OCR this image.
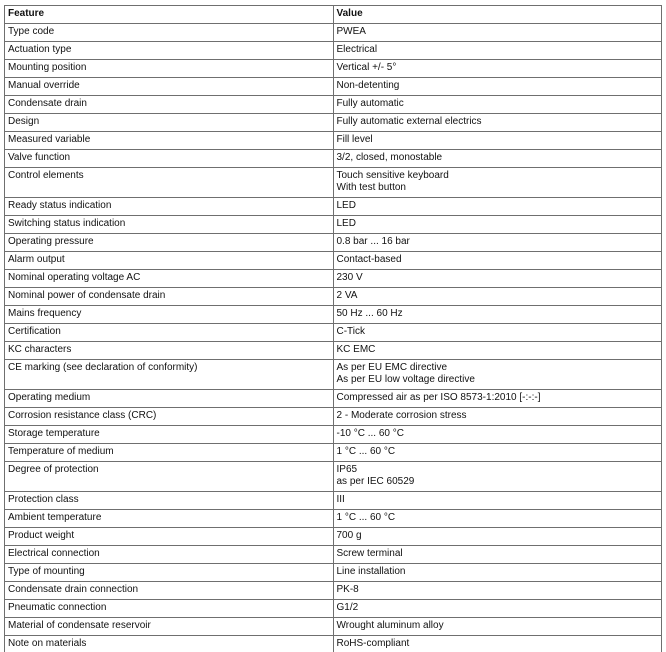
Feature	Value
Type code	PWEA
Actuation type	Electrical
Mounting position	Vertical +/- 5°
Manual override	Non-detenting
Condensate drain	Fully automatic
Design	Fully automatic external electrics
Measured variable	Fill level
Valve function	3/2, closed, monostable
Control elements	Touch sensitive keyboard
With test button
Ready status indication	LED
Switching status indication	LED
Operating pressure	0.8 bar ... 16 bar
Alarm output	Contact-based
Nominal operating voltage AC	230 V
Nominal power of condensate drain	2 VA
Mains frequency	50 Hz ... 60 Hz
Certification	C-Tick
KC characters	KC EMC
CE marking (see declaration of conformity)	As per EU EMC directive
As per EU low voltage directive
Operating medium	Compressed air as per ISO 8573-1:2010 [-:-:-]
Corrosion resistance class (CRC)	2 - Moderate corrosion stress
Storage temperature	-10 °C ... 60 °C
Temperature of medium	1 °C ... 60 °C
Degree of protection	IP65
as per IEC 60529
Protection class	III
Ambient temperature	1 °C ... 60 °C
Product weight	700 g
Electrical connection	Screw terminal
Type of mounting	Line installation
Condensate drain connection	PK-8
Pneumatic connection	G1/2
Material of condensate reservoir	Wrought aluminum alloy
Note on materials	RoHS-compliant
